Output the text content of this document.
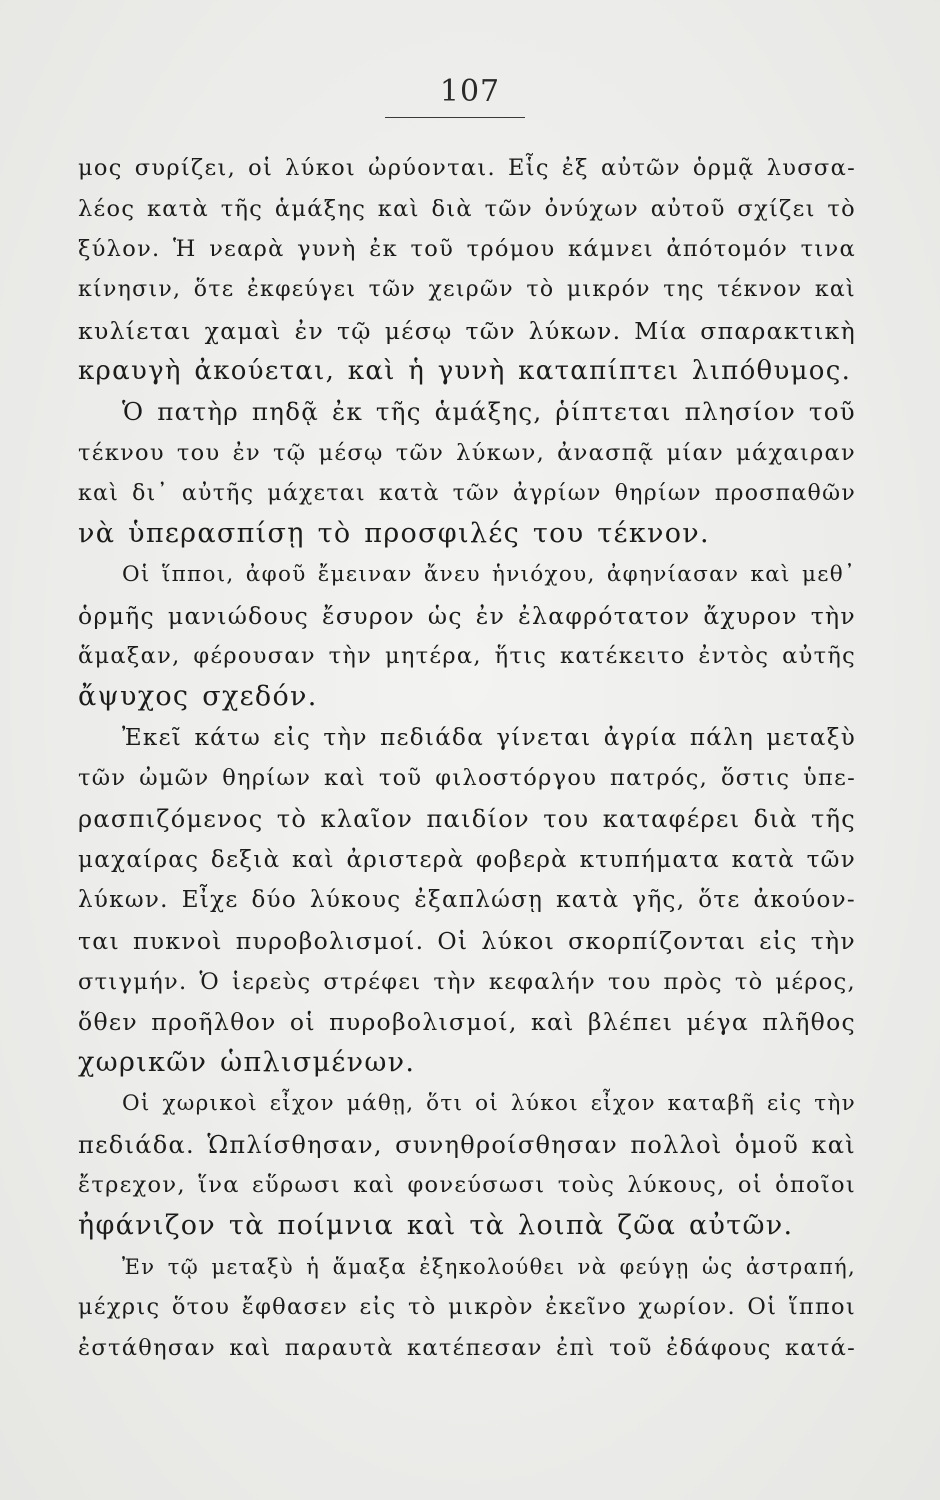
107
μος συρίζει, οἱ λύκοι ὠρύονται. Εἷς ἐξ αὐτῶν ὁρμᾷ λυσσα-
λέος κατὰ τῆς ἁμάξης καὶ διὰ τῶν ὀνύχων αὐτοῦ σχίζει τὸ
ξύλον. Ἡ νεαρὰ γυνὴ ἐκ τοῦ τρόμου κάμνει ἀπότομόν τινα
κίνησιν, ὅτε ἐκφεύγει τῶν χειρῶν τὸ μικρόν της τέκνον καὶ
κυλίεται χαμαὶ ἐν τῷ μέσῳ τῶν λύκων. Μία σπαρακτικὴ
κραυγὴ ἀκούεται, καὶ ἡ γυνὴ καταπίπτει λιπόθυμος.
Ὁ πατὴρ πηδᾷ ἐκ τῆς ἁμάξης, ῥίπτεται πλησίον τοῦ
τέκνου του ἐν τῷ μέσῳ τῶν λύκων, ἀνασπᾷ μίαν μάχαιραν
καὶ δι᾿ αὐτῆς μάχεται κατὰ τῶν ἀγρίων θηρίων προσπαθῶν
νὰ ὑπερασπίσῃ τὸ προσφιλές του τέκνον.
Οἱ ἵπποι, ἀφοῦ ἔμειναν ἄνευ ἡνιόχου, ἀφηνίασαν καὶ μεθ᾿
ὁρμῆς μανιώδους ἔσυρον ὡς ἐν ἐλαφρότατον ἄχυρον τὴν
ἅμαξαν, φέρουσαν τὴν μητέρα, ἥτις κατέκειτο ἐντὸς αὐτῆς
ἄψυχος σχεδόν.
Ἐκεῖ κάτω εἰς τὴν πεδιάδα γίνεται ἀγρία πάλη μεταξὺ
τῶν ὠμῶν θηρίων καὶ τοῦ φιλοστόργου πατρός, ὅστις ὑπε-
ρασπιζόμενος τὸ κλαῖον παιδίον του καταφέρει διὰ τῆς
μαχαίρας δεξιὰ καὶ ἀριστερὰ φοβερὰ κτυπήματα κατὰ τῶν
λύκων. Εἶχε δύο λύκους ἐξαπλώσῃ κατὰ γῆς, ὅτε ἀκούον-
ται πυκνοὶ πυροβολισμοί. Οἱ λύκοι σκορπίζονται εἰς τὴν
στιγμήν. Ὁ ἱερεὺς στρέφει τὴν κεφαλήν του πρὸς τὸ μέρος,
ὅθεν προῆλθον οἱ πυροβολισμοί, καὶ βλέπει μέγα πλῆθος
χωρικῶν ὡπλισμένων.
Οἱ χωρικοὶ εἶχον μάθῃ, ὅτι οἱ λύκοι εἶχον καταβῆ εἰς τὴν
πεδιάδα. Ὡπλίσθησαν, συνηθροίσθησαν πολλοὶ ὁμοῦ καὶ
ἔτρεχον, ἵνα εὕρωσι καὶ φονεύσωσι τοὺς λύκους, οἱ ὁποῖοι
ἠφάνιζον τὰ ποίμνια καὶ τὰ λοιπὰ ζῶα αὐτῶν.
Ἐν τῷ μεταξὺ ἡ ἅμαξα ἐξηκολούθει νὰ φεύγῃ ὡς ἀστραπή,
μέχρις ὅτου ἔφθασεν εἰς τὸ μικρὸν ἐκεῖνο χωρίον. Οἱ ἵπποι
ἐστάθησαν καὶ παραυτὰ κατέπεσαν ἐπὶ τοῦ ἐδάφους κατά-
